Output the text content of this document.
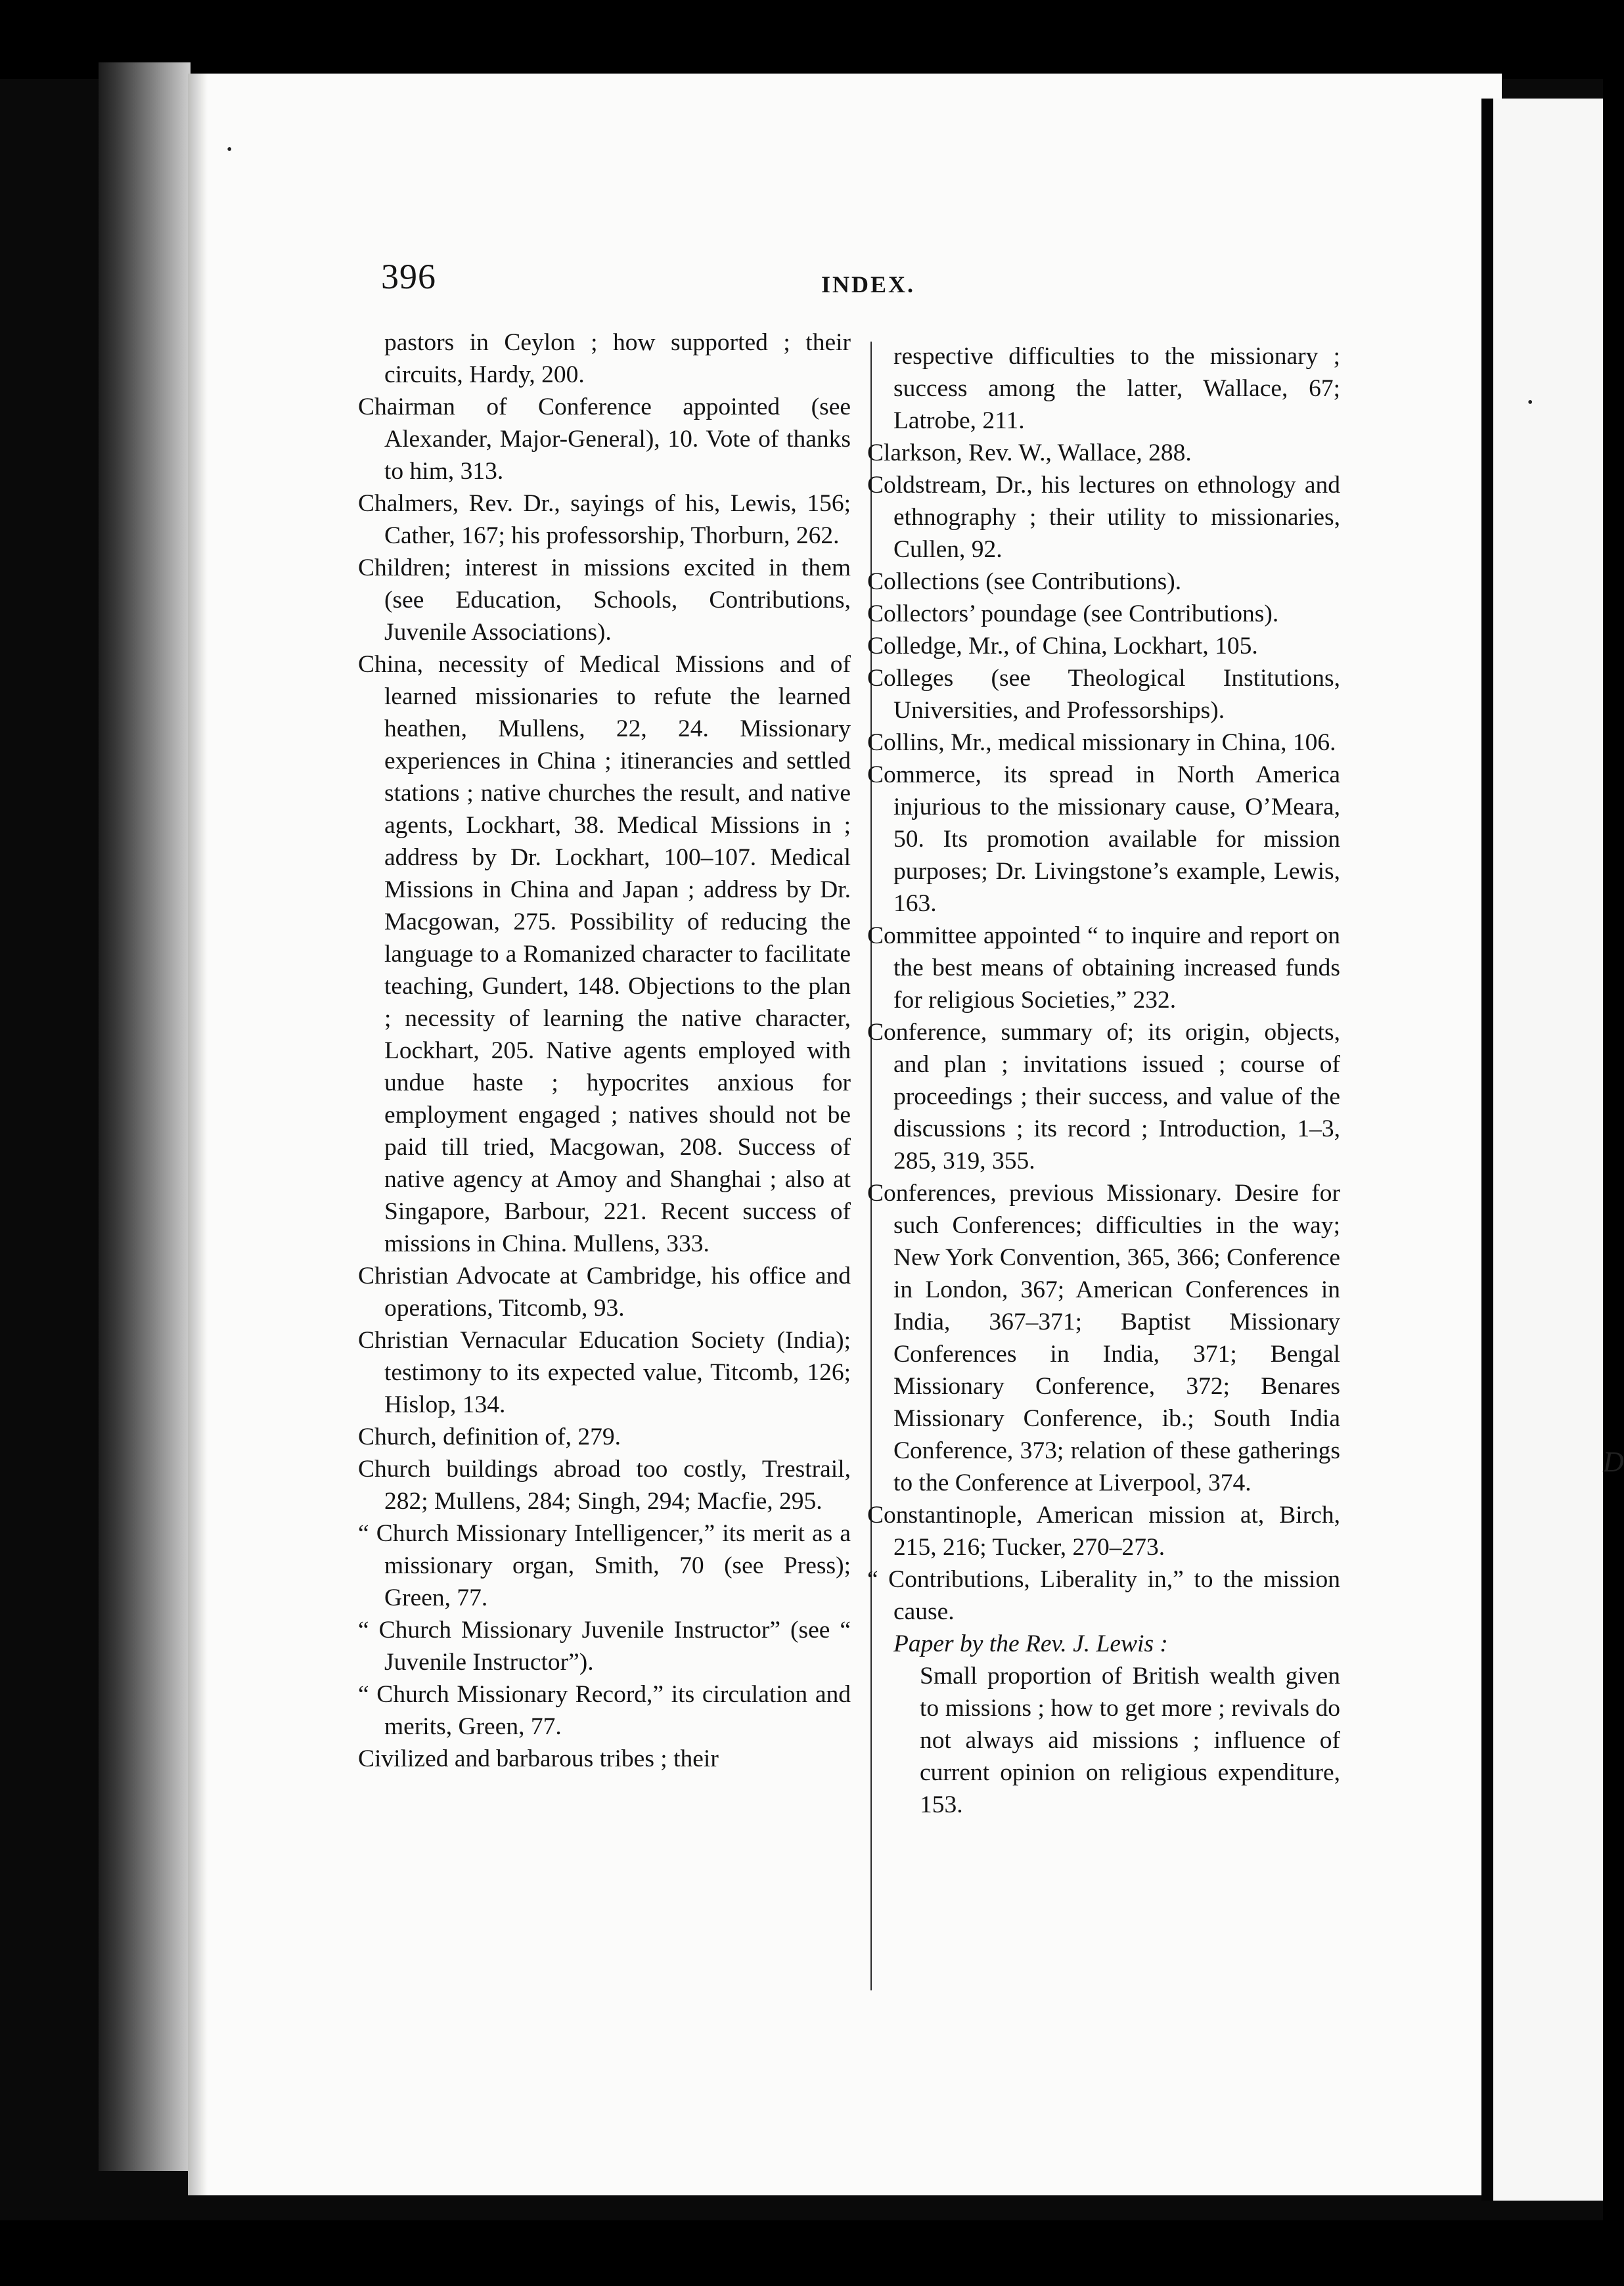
•
•
D
396	INDEX.

pastors in Ceylon ; how supported ; their circuits, Hardy, 200.

Chairman of Conference appointed (see Alexander, Major-General), 10. Vote of thanks to him, 313.

Chalmers, Rev. Dr., sayings of his, Lewis, 156; Cather, 167; his professorship, Thorburn, 262.

Children; interest in missions excited in them (see Education, Schools, Contributions, Juvenile Associations).

China, necessity of Medical Missions and of learned missionaries to refute the learned heathen, Mullens, 22, 24. Missionary experiences in China ; itinerancies and settled stations ; native churches the result, and native agents, Lockhart, 38. Medical Missions in ; address by Dr. Lockhart, 100–107. Medical Missions in China and Japan ; address by Dr. Macgowan, 275. Possibility of reducing the language to a Romanized character to facilitate teaching, Gundert, 148. Objections to the plan ; necessity of learning the native character, Lockhart, 205. Native agents employed with undue haste ; hypocrites anxious for employment engaged ; natives should not be paid till tried, Macgowan, 208. Success of native agency at Amoy and Shanghai ; also at Singapore, Barbour, 221. Recent success of missions in China. Mullens, 333.

Christian Advocate at Cambridge, his office and operations, Titcomb, 93.

Christian Vernacular Education Society (India); testimony to its expected value, Titcomb, 126; Hislop, 134.

Church, definition of, 279.

Church buildings abroad too costly, Trestrail, 282; Mullens, 284; Singh, 294; Macfie, 295.

“ Church Missionary Intelligencer,” its merit as a missionary organ, Smith, 70 (see Press); Green, 77.

“ Church Missionary Juvenile Instructor” (see “ Juvenile Instructor”).

“ Church Missionary Record,” its circulation and merits, Green, 77.

Civilized and barbarous tribes ; their

respective difficulties to the missionary ; success among the latter, Wallace, 67; Latrobe, 211.

Clarkson, Rev. W., Wallace, 288.

Coldstream, Dr., his lectures on ethnology and ethnography ; their utility to missionaries, Cullen, 92.

Collections (see Contributions).

Collectors’ poundage (see Contributions).

Colledge, Mr., of China, Lockhart, 105.

Colleges (see Theological Institutions, Universities, and Professorships).

Collins, Mr., medical missionary in China, 106.

Commerce, its spread in North America injurious to the missionary cause, O’Meara, 50. Its promotion available for mission purposes; Dr. Livingstone’s example, Lewis, 163.

Committee appointed “ to inquire and report on the best means of obtaining increased funds for religious Societies,” 232.

Conference, summary of; its origin, objects, and plan ; invitations issued ; course of proceedings ; their success, and value of the discussions ; its record ; Introduction, 1–3, 285, 319, 355.

Conferences, previous Missionary. Desire for such Conferences; difficulties in the way; New York Convention, 365, 366; Conference in London, 367; American Conferences in India, 367–371; Baptist Missionary Conferences in India, 371; Bengal Missionary Conference, 372; Benares Missionary Conference, ib.; South India Conference, 373; relation of these gatherings to the Conference at Liverpool, 374.

Constantinople, American mission at, Birch, 215, 216; Tucker, 270–273.

“ Contributions, Liberality in,” to the mission cause.

Paper by the Rev. J. Lewis :

Small proportion of British wealth given to missions ; how to get more ; revivals do not always aid missions ; influence of current opinion on religious expenditure, 153.
